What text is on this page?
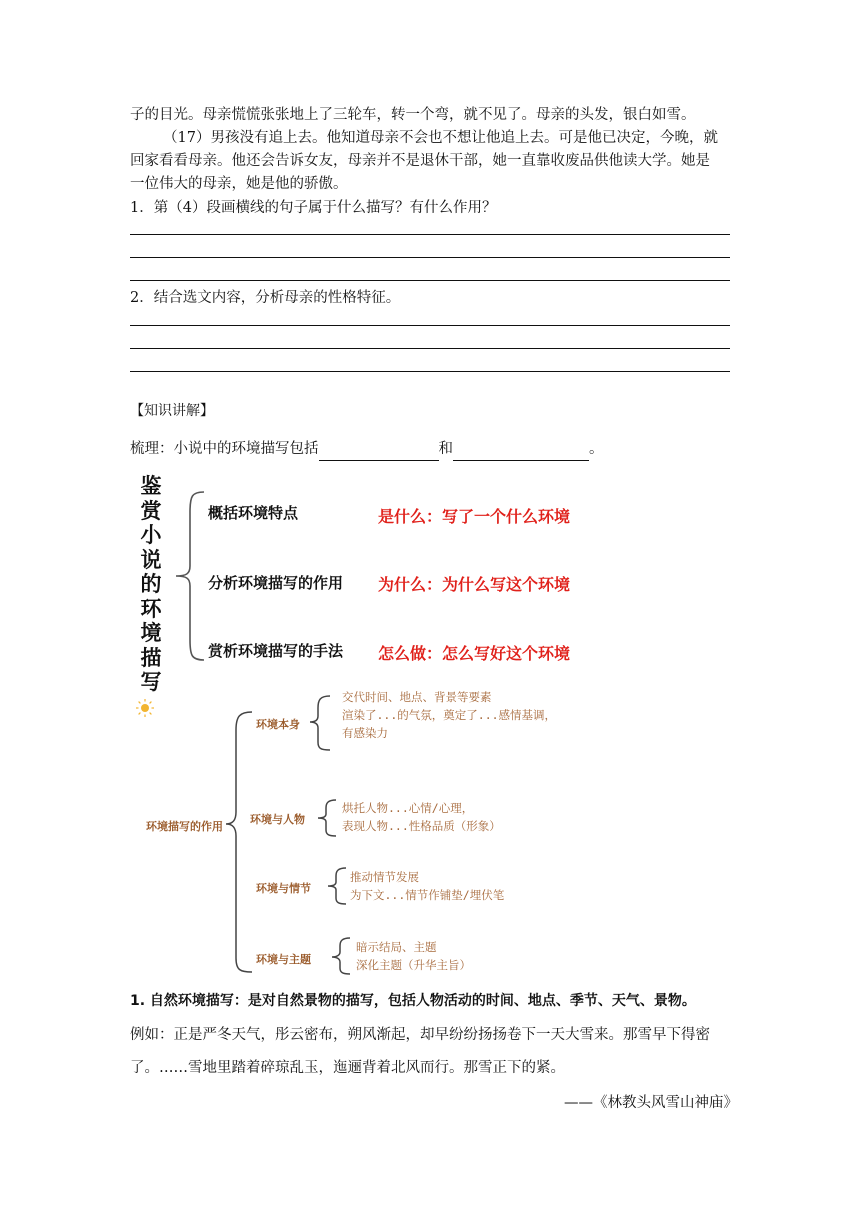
子的目光。母亲慌慌张张地上了三轮车，转一个弯，就不见了。母亲的头发，银白如雪。
（17）男孩没有追上去。他知道母亲不会也不想让他追上去。可是他已决定，今晚，就
回家看看母亲。他还会告诉女友，母亲并不是退休干部，她一直靠收废品供他读大学。她是
一位伟大的母亲，她是他的骄傲。
1．第（4）段画横线的句子属于什么描写？有什么作用？
2．结合选文内容，分析母亲的性格特征。
【知识讲解】
梳理：小说中的环境描写包括	和	。
鉴
赏
小
说
的
环
境
描
写
概括环境特点	是什么：写了一个什么环境
分析环境描写的作用 为什么：为什么写这个环境
赏析环境描写的手法 怎么做：怎么写好这个环境
环境描写的作用
环境本身
交代时间、地点、背景等要素
渲染了...的气氛，奠定了...感情基调，
有感染力
环境与人物
烘托人物...心情/心理，
表现人物...性格品质（形象）
环境与情节
推动情节发展
为下文...情节作铺垫/埋伏笔
环境与主题
暗示结局、主题
深化主题（升华主旨）
1. 自然环境描写：是对自然景物的描写，包括人物活动的时间、地点、季节、天气、景物。
例如：正是严冬天气，彤云密布，朔风渐起，却早纷纷扬扬卷下一天大雪来。那雪早下得密
了。……雪地里踏着碎琼乱玉，迤逦背着北风而行。那雪正下的紧。
——《林教头风雪山神庙》
